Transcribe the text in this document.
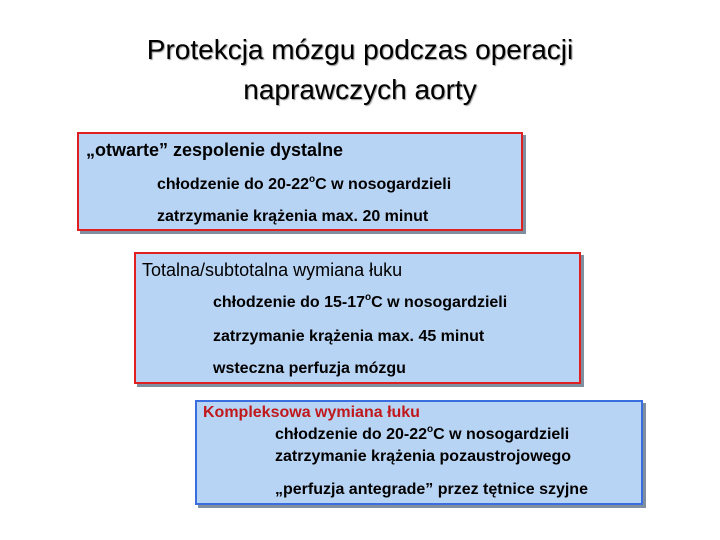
Protekcja mózgu podczas operacji
naprawczych aorty
„otwarte” zespolenie dystalne
chłodzenie do 20-22$^o$C w nosogardzieli
zatrzymanie krążenia max. 20 minut
Totalna/subtotalna wymiana łuku
chłodzenie do 15-17$^o$C w nosogardzieli
zatrzymanie krążenia max. 45 minut
wsteczna perfuzja mózgu
Kompleksowa wymiana łuku
chłodzenie do 20-22$^o$C w nosogardzieli
zatrzymanie krążenia pozaustrojowego
„perfuzja antegrade” przez tętnice szyjne
